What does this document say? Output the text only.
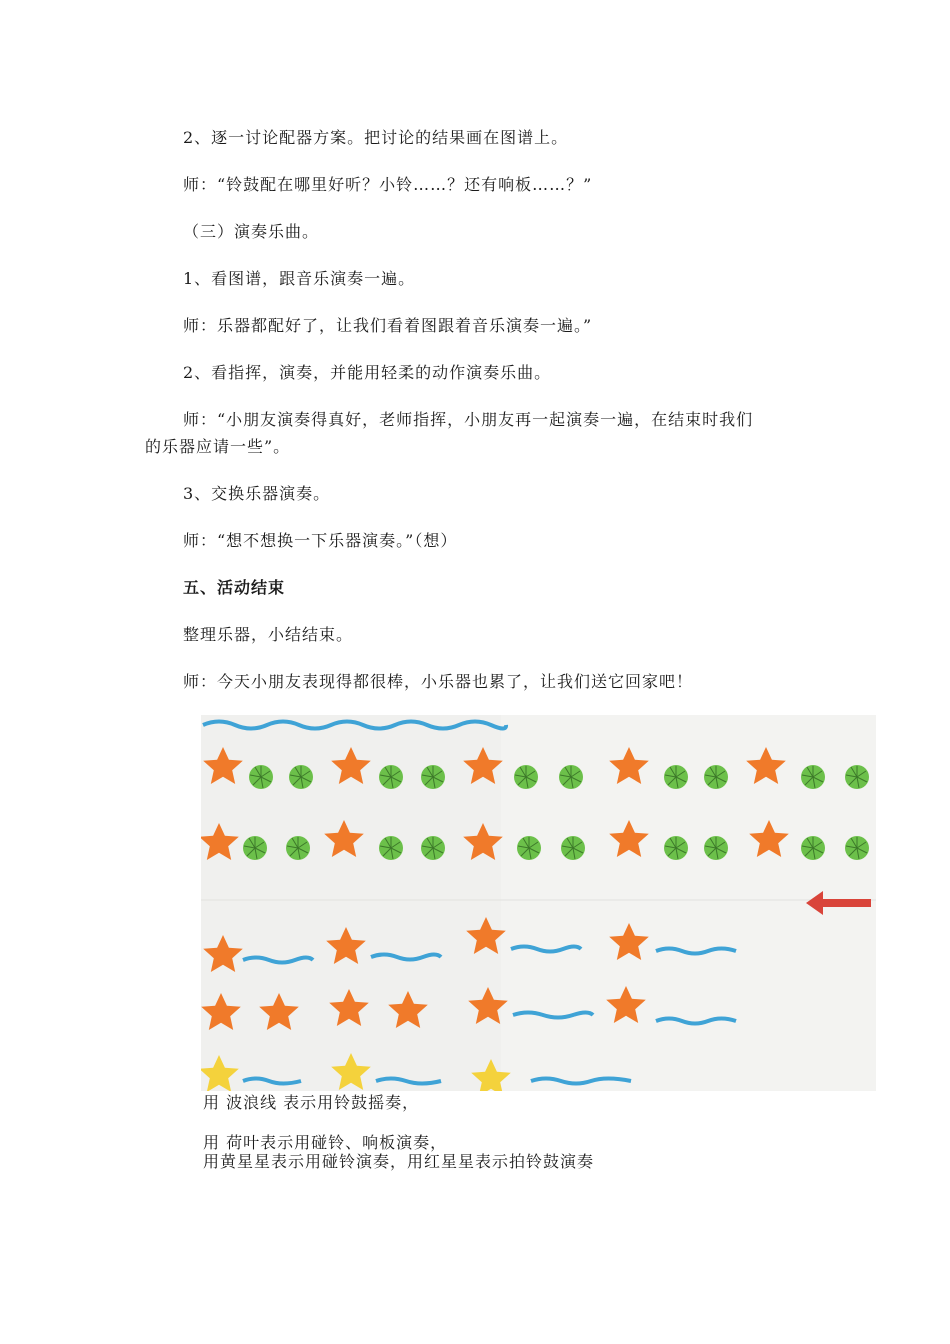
2、逐一讨论配器方案。把讨论的结果画在图谱上。
师：“铃鼓配在哪里好听？小铃……？还有响板……？”
（三）演奏乐曲。
1、看图谱，跟音乐演奏一遍。
师：乐器都配好了，让我们看着图跟着音乐演奏一遍。”
2、看指挥，演奏，并能用轻柔的动作演奏乐曲。
师：“小朋友演奏得真好，老师指挥，小朋友再一起演奏一遍，在结束时我们
的乐器应请一些”。
3、交换乐器演奏。
师：“想不想换一下乐器演奏。”（想）
五、活动结束
整理乐器，小结结束。
师：今天小朋友表现得都很棒，小乐器也累了，让我们送它回家吧！
用 波浪线 表示用铃鼓摇奏，
用 荷叶表示用碰铃、响板演奏，
用黄星星表示用碰铃演奏，用红星星表示拍铃鼓演奏
